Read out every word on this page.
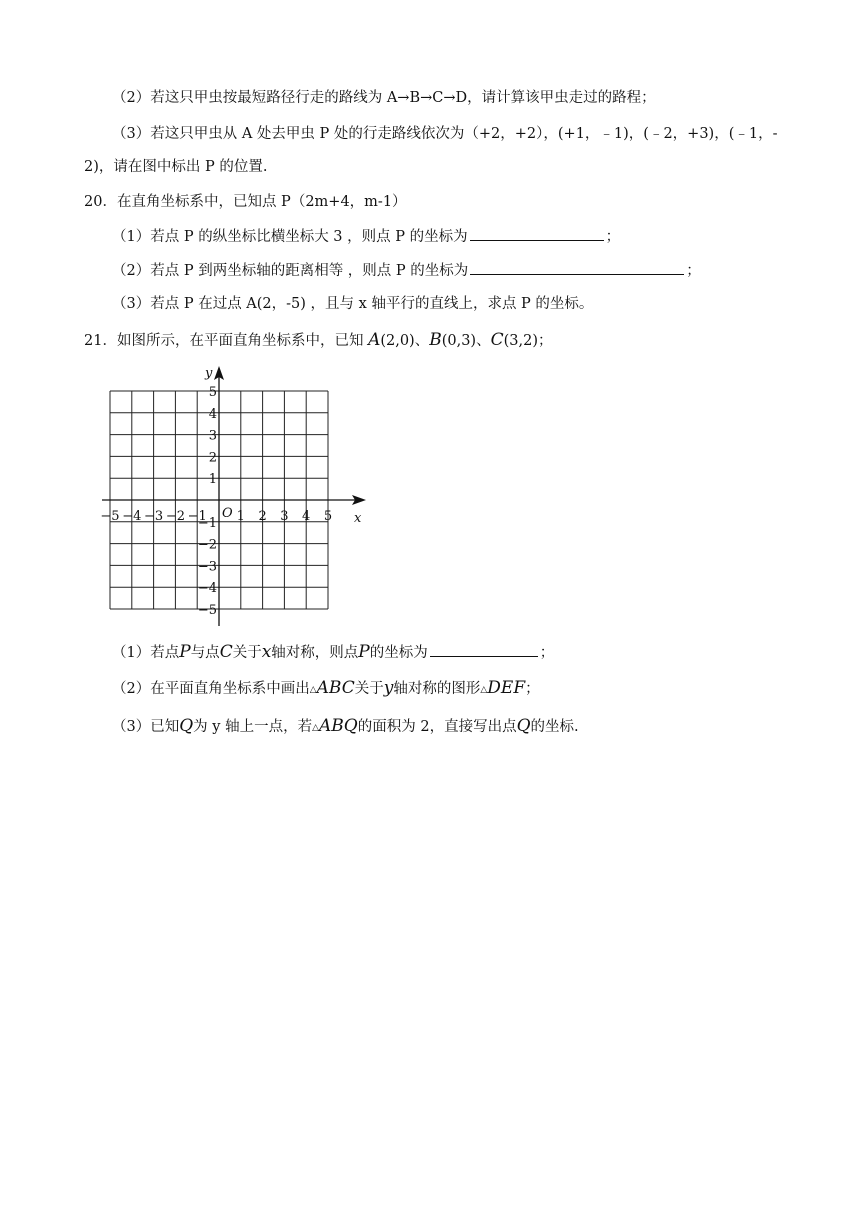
（2）若这只甲虫按最短路径行走的路线为 A→B→C→D，请计算该甲虫走过的路程；
（3）若这只甲虫从 A 处去甲虫 P 处的行走路线依次为（+2，+2），(+1，﹣1)，(﹣2，+3)，(﹣1，-
2)，请在图中标出 P 的位置.
20．在直角坐标系中，已知点 P（2m+4，m-1）
（1）若点 P 的纵坐标比横坐标大 3 ，则点 P 的坐标为	；
（2）若点 P 到两坐标轴的距离相等 ，则点 P 的坐标为	；
（3）若点 P 在过点 A(2，-5) ，且与 x 轴平行的直线上，求点 P 的坐标。
21．如图所示，在平面直角坐标系中，已知 A(2,0)、B(0,3)、C(3,2)；
−5 −4 −3 −2 −1 1 2 3 4 5
5
4
3
2
1
−1
−2
−3
−4
−5
O	x
y
（1）若点P与点C关于x轴对称，则点P的坐标为	；
（2）在平面直角坐标系中画出△ABC关于y轴对称的图形△DEF；
（3）已知Q为 y 轴上一点，若△ABQ的面积为 2，直接写出点Q的坐标.
